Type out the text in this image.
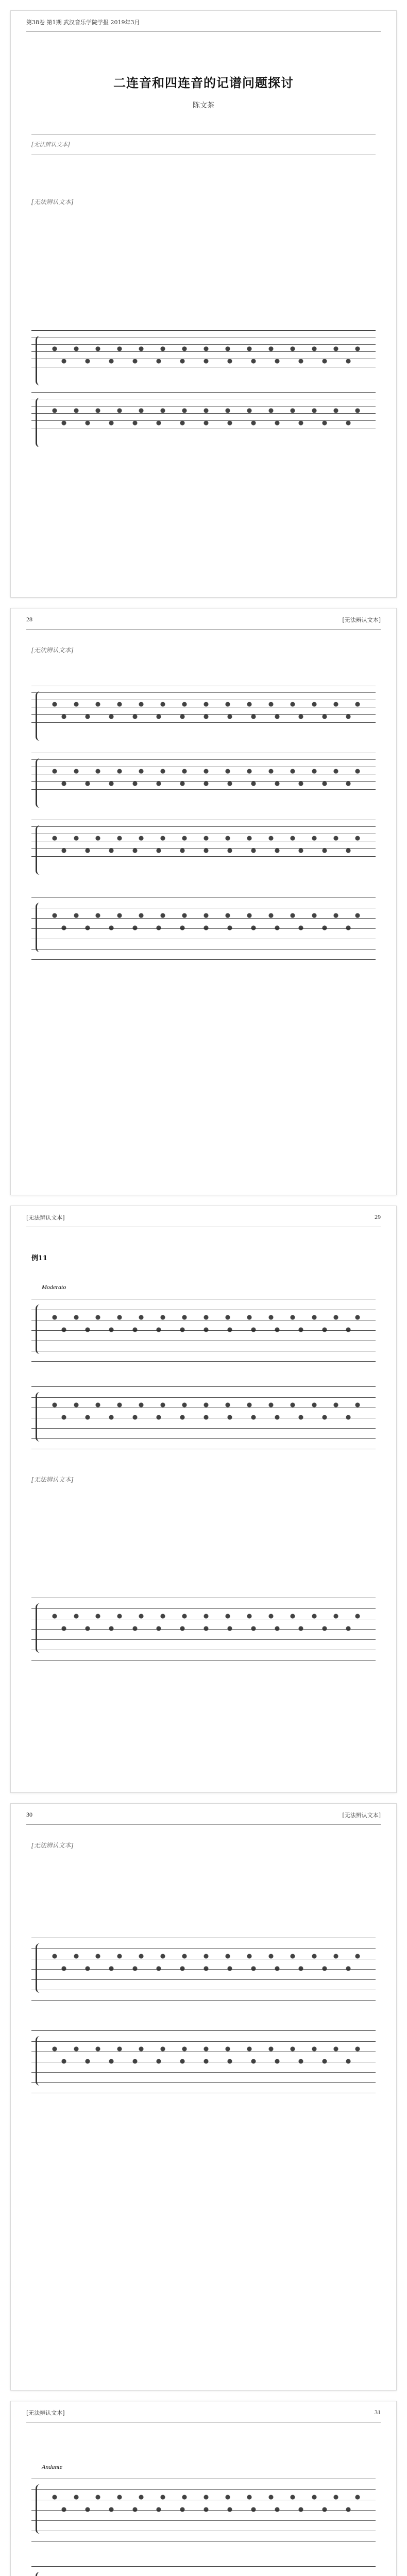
第38卷 第1期 武汉音乐学院学报 2019年3月
二连音和四连音的记谱问题探讨
陈文茶
[无法辨认文本]
[无法辨认文本]
28	[无法辨认文本]
[无法辨认文本]
[无法辨认文本]	29
例11
Moderato
[无法辨认文本]
30	[无法辨认文本]
[无法辨认文本]
[无法辨认文本]	31
Andante
